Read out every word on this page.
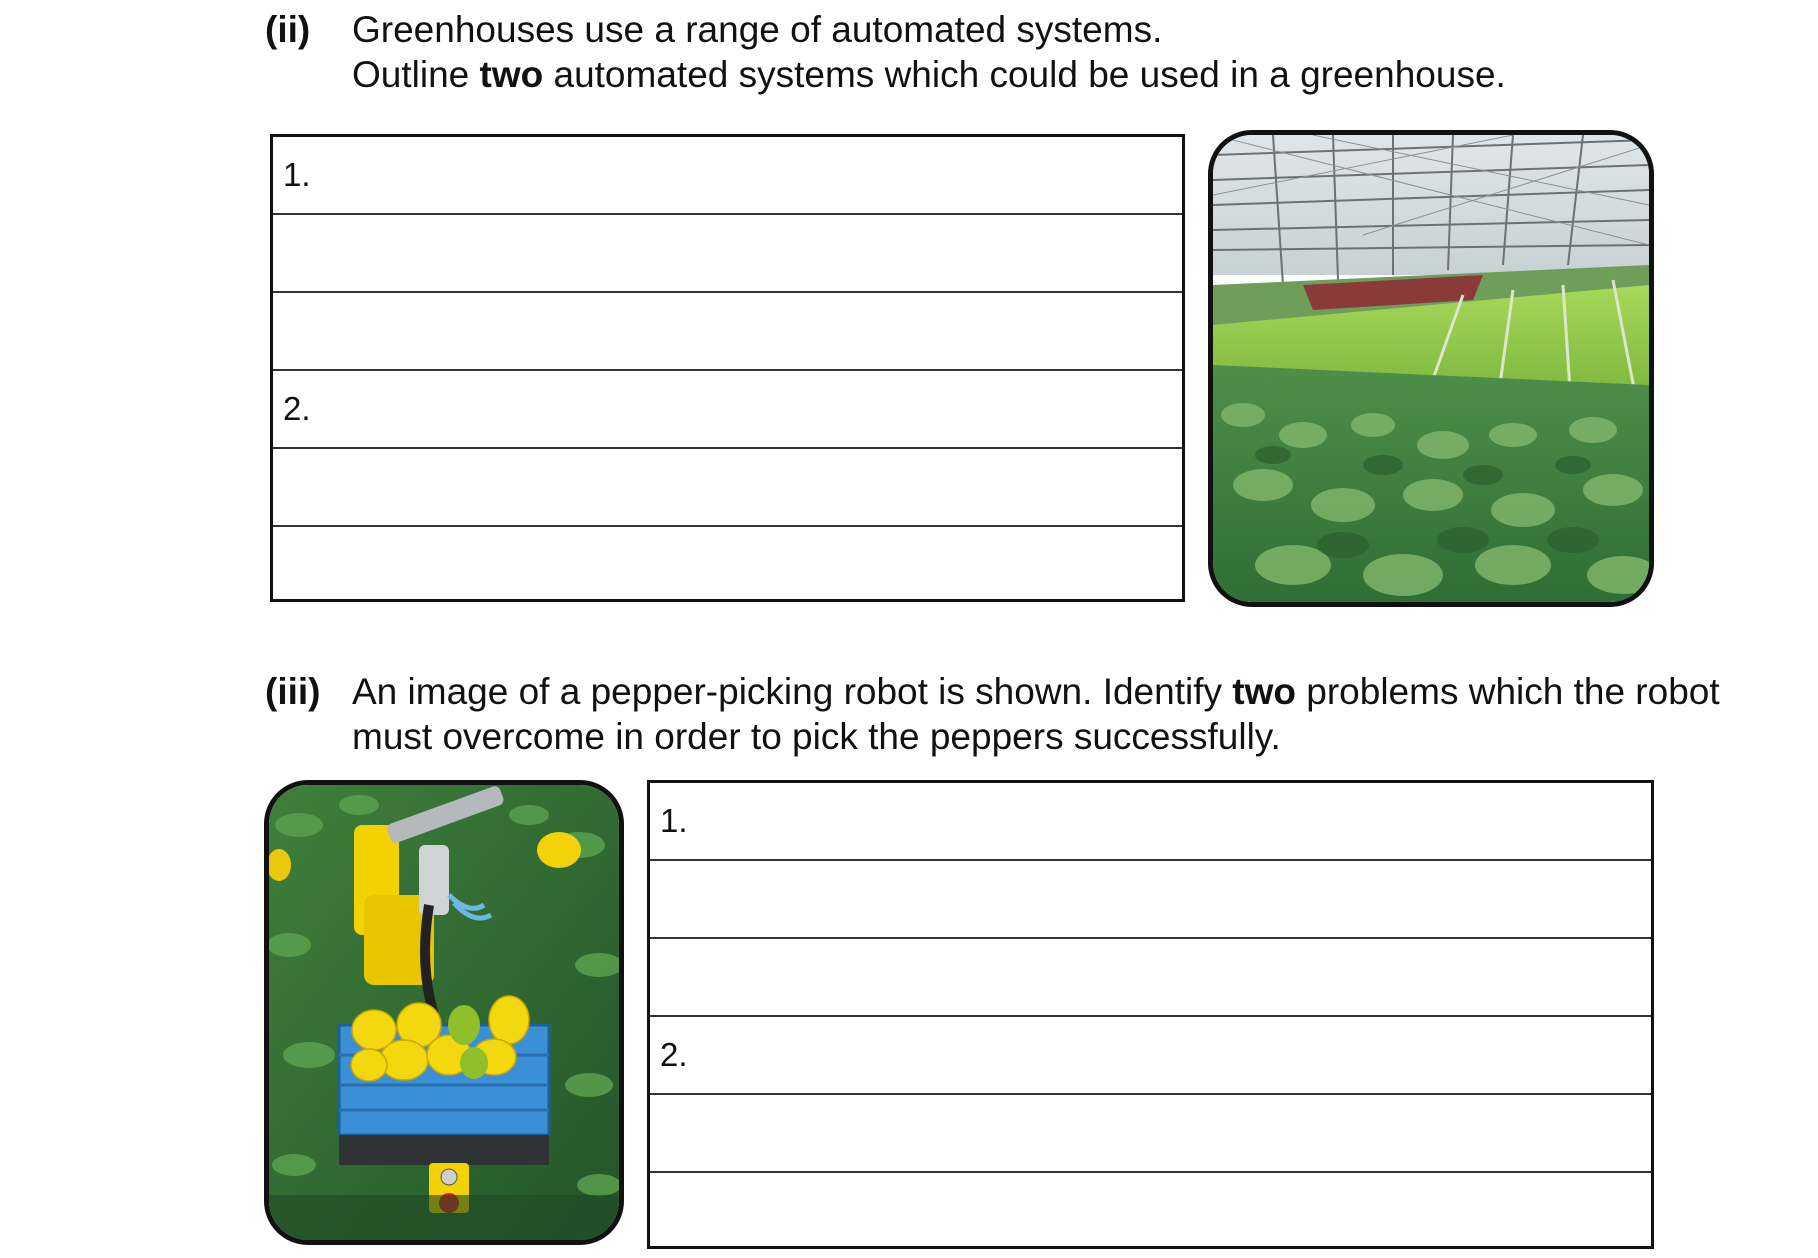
(ii) Greenhouses use a range of automated systems.
Outline two automated systems which could be used in a greenhouse.
1.
2.
(iii) An image of a pepper-picking robot is shown. Identify two problems which the robot
must overcome in order to pick the peppers successfully.
1.
2.
